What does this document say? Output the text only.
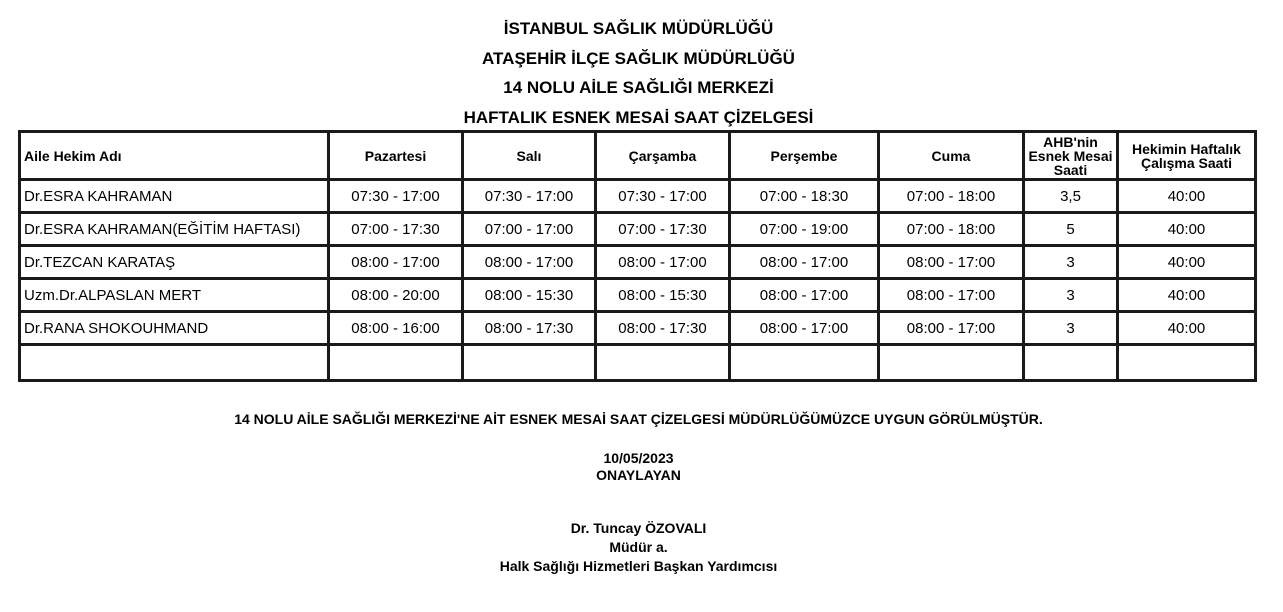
İSTANBUL SAĞLIK MÜDÜRLÜĞÜ
ATAŞEHİR İLÇE SAĞLIK MÜDÜRLÜĞÜ
14 NOLU AİLE SAĞLIĞI MERKEZİ
HAFTALIK ESNEK MESAİ SAAT ÇİZELGESİ
Aile Hekim Adı	Pazartesi	Salı	Çarşamba	Perşembe	Cuma	AHB'nin Esnek Mesai Saati	Hekimin Haftalık Çalışma Saati
Dr.ESRA KAHRAMAN	07:30 - 17:00	07:30 - 17:00	07:30 - 17:00	07:00 - 18:30	07:00 - 18:00	3,5	40:00
Dr.ESRA KAHRAMAN(EĞİTİM HAFTASI)	07:00 - 17:30	07:00 - 17:00	07:00 - 17:30	07:00 - 19:00	07:00 - 18:00	5	40:00
Dr.TEZCAN KARATAŞ	08:00 - 17:00	08:00 - 17:00	08:00 - 17:00	08:00 - 17:00	08:00 - 17:00	3	40:00
Uzm.Dr.ALPASLAN MERT	08:00 - 20:00	08:00 - 15:30	08:00 - 15:30	08:00 - 17:00	08:00 - 17:00	3	40:00
Dr.RANA SHOKOUHMAND	08:00 - 16:00	08:00 - 17:30	08:00 - 17:30	08:00 - 17:00	08:00 - 17:00	3	40:00

14 NOLU AİLE SAĞLIĞI MERKEZİ'NE AİT ESNEK MESAİ SAAT ÇİZELGESİ MÜDÜRLÜĞÜMÜZCE UYGUN GÖRÜLMÜŞTÜR.
10/05/2023
ONAYLAYAN
Dr. Tuncay ÖZOVALI
Müdür a.
Halk Sağlığı Hizmetleri Başkan Yardımcısı
